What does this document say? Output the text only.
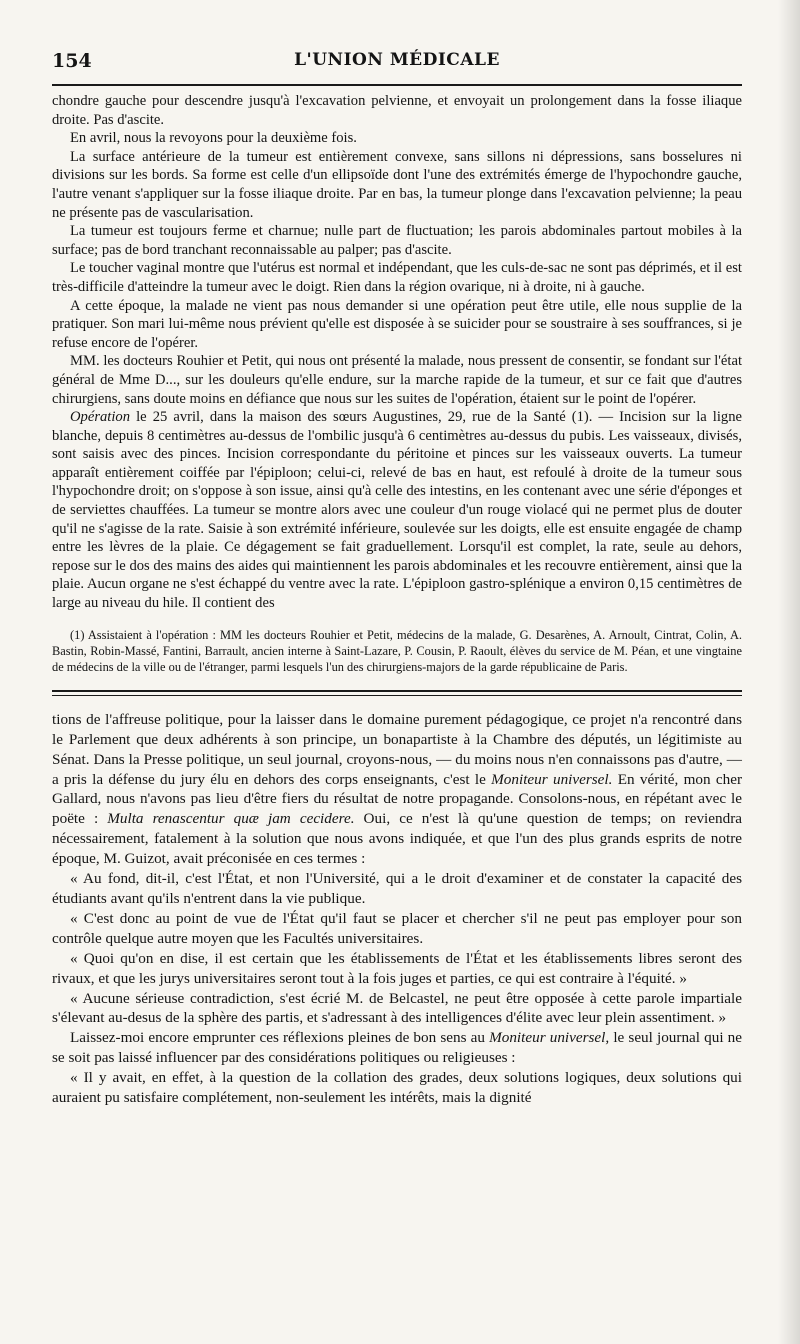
154	L'UNION MÉDICALE

chondre gauche pour descendre jusqu'à l'excavation pelvienne, et envoyait un prolongement dans la fosse iliaque droite. Pas d'ascite.

En avril, nous la revoyons pour la deuxième fois.

La surface antérieure de la tumeur est entièrement convexe, sans sillons ni dépressions, sans bosselures ni divisions sur les bords. Sa forme est celle d'un ellipsoïde dont l'une des extrémités émerge de l'hypochondre gauche, l'autre venant s'appliquer sur la fosse iliaque droite. Par en bas, la tumeur plonge dans l'excavation pelvienne; la peau ne présente pas de vascularisation.

La tumeur est toujours ferme et charnue; nulle part de fluctuation; les parois abdominales partout mobiles à la surface; pas de bord tranchant reconnaissable au palper; pas d'ascite.

Le toucher vaginal montre que l'utérus est normal et indépendant, que les culs-de-sac ne sont pas déprimés, et il est très-difficile d'atteindre la tumeur avec le doigt. Rien dans la région ovarique, ni à droite, ni à gauche.

A cette époque, la malade ne vient pas nous demander si une opération peut être utile, elle nous supplie de la pratiquer. Son mari lui-même nous prévient qu'elle est disposée à se suicider pour se soustraire à ses souffrances, si je refuse encore de l'opérer.

MM. les docteurs Rouhier et Petit, qui nous ont présenté la malade, nous pressent de consentir, se fondant sur l'état général de Mme D..., sur les douleurs qu'elle endure, sur la marche rapide de la tumeur, et sur ce fait que d'autres chirurgiens, sans doute moins en défiance que nous sur les suites de l'opération, étaient sur le point de l'opérer.

Opération le 25 avril, dans la maison des sœurs Augustines, 29, rue de la Santé (1). — Incision sur la ligne blanche, depuis 8 centimètres au-dessus de l'ombilic jusqu'à 6 centimètres au-dessus du pubis. Les vaisseaux, divisés, sont saisis avec des pinces. Incision correspondante du péritoine et pinces sur les vaisseaux ouverts. La tumeur apparaît entièrement coiffée par l'épiploon; celui-ci, relevé de bas en haut, est refoulé à droite de la tumeur sous l'hypochondre droit; on s'oppose à son issue, ainsi qu'à celle des intestins, en les contenant avec une série d'éponges et de serviettes chauffées. La tumeur se montre alors avec une couleur d'un rouge violacé qui ne permet plus de douter qu'il ne s'agisse de la rate. Saisie à son extrémité inférieure, soulevée sur les doigts, elle est ensuite engagée de champ entre les lèvres de la plaie. Ce dégagement se fait graduellement. Lorsqu'il est complet, la rate, seule au dehors, repose sur le dos des mains des aides qui maintiennent les parois abdominales et les recouvre entièrement, ainsi que la plaie. Aucun organe ne s'est échappé du ventre avec la rate. L'épiploon gastro-splénique a environ 0,15 centimètres de large au niveau du hile. Il contient des

(1) Assistaient à l'opération : MM les docteurs Rouhier et Petit, médecins de la malade, G. Desarènes, A. Arnoult, Cintrat, Colin, A. Bastin, Robin-Massé, Fantini, Barrault, ancien interne à Saint-Lazare, P. Cousin, P. Raoult, élèves du service de M. Péan, et une vingtaine de médecins de la ville ou de l'étranger, parmi lesquels l'un des chirurgiens-majors de la garde républicaine de Paris.

tions de l'affreuse politique, pour la laisser dans le domaine purement pédagogique, ce projet n'a rencontré dans le Parlement que deux adhérents à son principe, un bonapartiste à la Chambre des députés, un légitimiste au Sénat. Dans la Presse politique, un seul journal, croyons-nous, — du moins nous n'en connaissons pas d'autre, — a pris la défense du jury élu en dehors des corps enseignants, c'est le Moniteur universel. En vérité, mon cher Gallard, nous n'avons pas lieu d'être fiers du résultat de notre propagande. Consolons-nous, en répétant avec le poëte : Multa renascentur quæ jam cecidere. Oui, ce n'est là qu'une question de temps; on reviendra nécessairement, fatalement à la solution que nous avons indiquée, et que l'un des plus grands esprits de notre époque, M. Guizot, avait préconisée en ces termes :

« Au fond, dit-il, c'est l'État, et non l'Université, qui a le droit d'examiner et de constater la capacité des étudiants avant qu'ils n'entrent dans la vie publique.

« C'est donc au point de vue de l'État qu'il faut se placer et chercher s'il ne peut pas employer pour son contrôle quelque autre moyen que les Facultés universitaires.

« Quoi qu'on en dise, il est certain que les établissements de l'État et les établissements libres seront des rivaux, et que les jurys universitaires seront tout à la fois juges et parties, ce qui est contraire à l'équité. »

« Aucune sérieuse contradiction, s'est écrié M. de Belcastel, ne peut être opposée à cette parole impartiale s'élevant au-desus de la sphère des partis, et s'adressant à des intelligences d'élite avec leur plein assentiment. »

Laissez-moi encore emprunter ces réflexions pleines de bon sens au Moniteur universel, le seul journal qui ne se soit pas laissé influencer par des considérations politiques ou religieuses :

« Il y avait, en effet, à la question de la collation des grades, deux solutions logiques, deux solutions qui auraient pu satisfaire complétement, non-seulement les intérêts, mais la dignité
